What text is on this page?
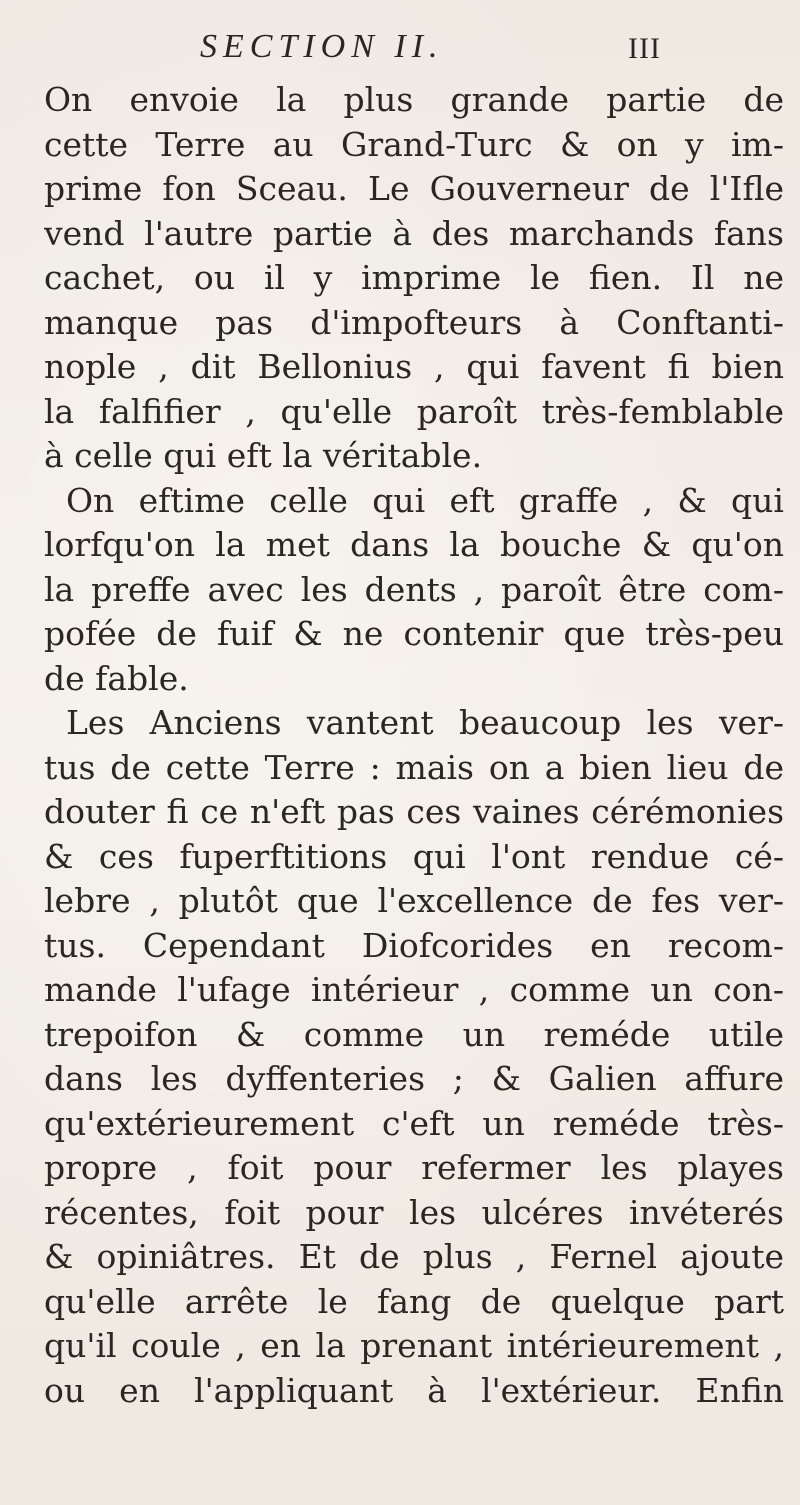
SECTION II.	III
On envoie la plus grande partie de
cette Terre au Grand-Turc & on y im-
prime fon Sceau. Le Gouverneur de l'Ifle
vend l'autre partie à des marchands fans
cachet, ou il y imprime le fien. Il ne
manque pas d'impofteurs à Conftanti-
nople , dit Bellonius , qui favent fi bien
la falfifier , qu'elle paroît très-femblable
à celle qui eft la véritable.
On eftime celle qui eft graffe , & qui
lorfqu'on la met dans la bouche & qu'on
la preffe avec les dents , paroît être com-
pofée de fuif & ne contenir que très-peu
de fable.
Les Anciens vantent beaucoup les ver-
tus de cette Terre : mais on a bien lieu de
douter fi ce n'eft pas ces vaines cérémonies
& ces fuperftitions qui l'ont rendue cé-
lebre , plutôt que l'excellence de fes ver-
tus. Cependant Diofcorides en recom-
mande l'ufage intérieur , comme un con-
trepoifon & comme un reméde utile
dans les dyffenteries ; & Galien affure
qu'extérieurement c'eft un reméde très-
propre , foit pour refermer les playes
récentes, foit pour les ulcéres invéterés
& opiniâtres. Et de plus , Fernel ajoute
qu'elle arrête le fang de quelque part
qu'il coule , en la prenant intérieurement ,
ou en l'appliquant à l'extérieur. Enfin
